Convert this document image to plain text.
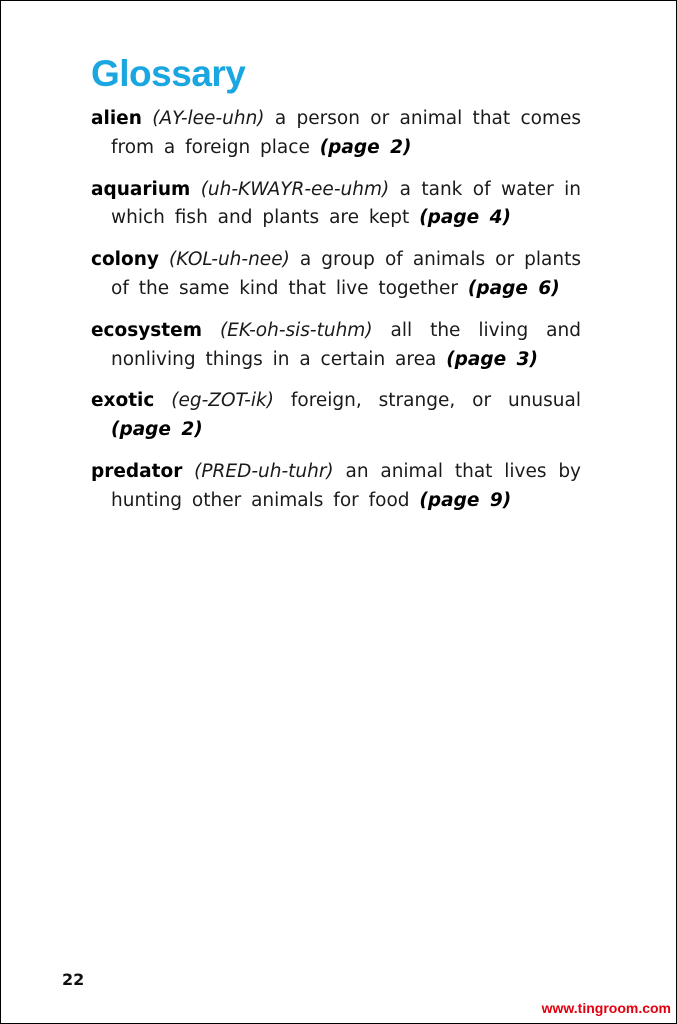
Glossary

alien (AY-lee-uhn) a person or animal that comes from a foreign place (page 2)

aquarium (uh-KWAYR-ee-uhm) a tank of water in which fish and plants are kept (page 4)

colony (KOL-uh-nee) a group of animals or plants of the same kind that live together (page 6)

ecosystem (EK-oh-sis-tuhm) all the living and nonliving things in a certain area (page 3)

exotic (eg-ZOT-ik) foreign, strange, or unusual (page 2)

predator (PRED-uh-tuhr) an animal that lives by hunting other animals for food (page 9)

22
www.tingroom.com
